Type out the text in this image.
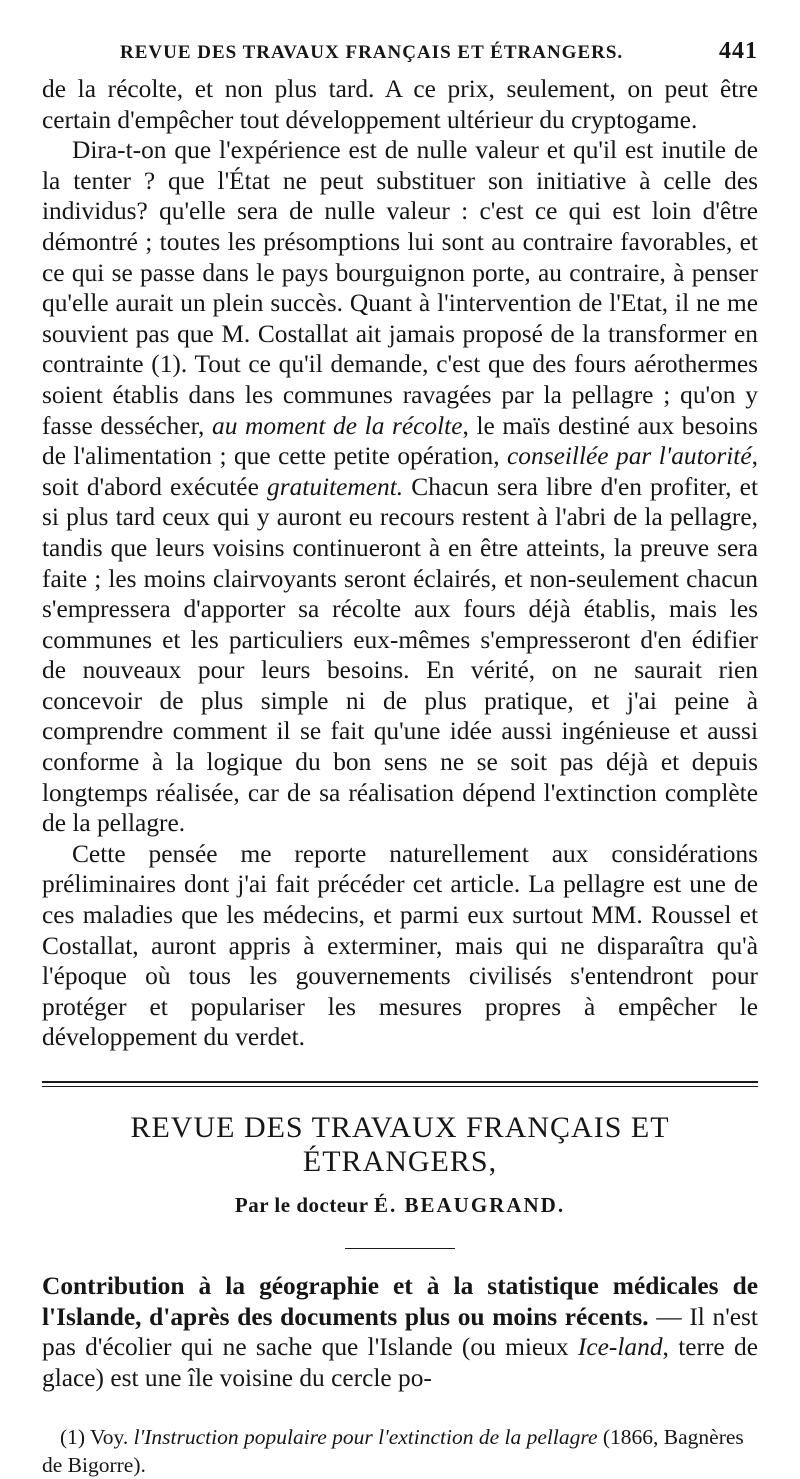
REVUE DES TRAVAUX FRANÇAIS ET ÉTRANGERS.	441

de la récolte, et non plus tard. A ce prix, seulement, on peut être certain d'empêcher tout développement ultérieur du cryptogame.

Dira-t-on que l'expérience est de nulle valeur et qu'il est inutile de la tenter ? que l'État ne peut substituer son initiative à celle des individus? qu'elle sera de nulle valeur : c'est ce qui est loin d'être démontré ; toutes les présomptions lui sont au contraire favorables, et ce qui se passe dans le pays bourguignon porte, au contraire, à penser qu'elle aurait un plein succès. Quant à l'intervention de l'Etat, il ne me souvient pas que M. Costallat ait jamais proposé de la transformer en contrainte (1). Tout ce qu'il demande, c'est que des fours aérothermes soient établis dans les communes ravagées par la pellagre ; qu'on y fasse dessécher, au moment de la récolte, le maïs destiné aux besoins de l'alimentation ; que cette petite opération, conseillée par l'autorité, soit d'abord exécutée gratuitement. Chacun sera libre d'en profiter, et si plus tard ceux qui y auront eu recours restent à l'abri de la pellagre, tandis que leurs voisins continueront à en être atteints, la preuve sera faite ; les moins clairvoyants seront éclairés, et non-seulement chacun s'empressera d'apporter sa récolte aux fours déjà établis, mais les communes et les particuliers eux-mêmes s'empresseront d'en édifier de nouveaux pour leurs besoins. En vérité, on ne saurait rien concevoir de plus simple ni de plus pratique, et j'ai peine à comprendre comment il se fait qu'une idée aussi ingénieuse et aussi conforme à la logique du bon sens ne se soit pas déjà et depuis longtemps réalisée, car de sa réalisation dépend l'extinction complète de la pellagre.

Cette pensée me reporte naturellement aux considérations préliminaires dont j'ai fait précéder cet article. La pellagre est une de ces maladies que les médecins, et parmi eux surtout MM. Roussel et Costallat, auront appris à exterminer, mais qui ne disparaîtra qu'à l'époque où tous les gouvernements civilisés s'entendront pour protéger et populariser les mesures propres à empêcher le développement du verdet.

REVUE DES TRAVAUX FRANÇAIS ET ÉTRANGERS,
Par le docteur É. BEAUGRAND.
Contribution à la géographie et à la statistique médicales de l'Islande, d'après des documents plus ou moins récents. — Il n'est pas d'écolier qui ne sache que l'Islande (ou mieux Ice-land, terre de glace) est une île voisine du cercle po-
(1) Voy. l'Instruction populaire pour l'extinction de la pellagre (1866, Bagnères de Bigorre).
